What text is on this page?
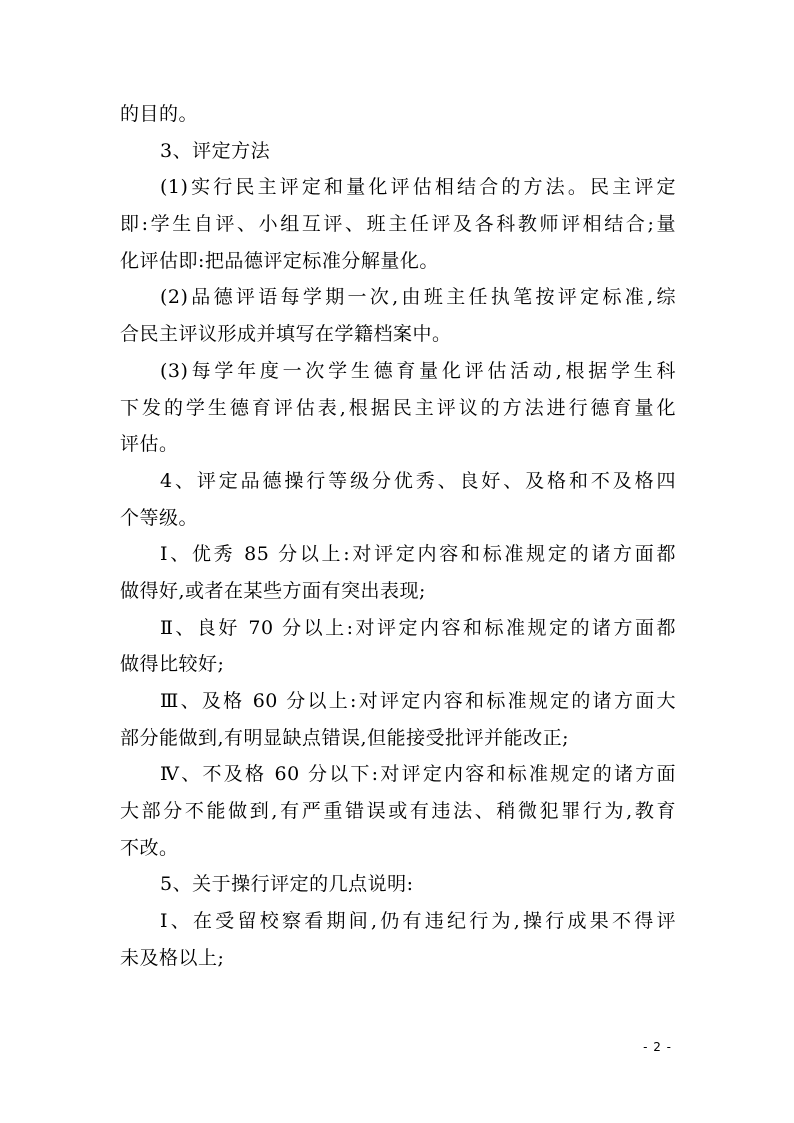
的目的。
3、评定方法
(1)实行民主评定和量化评估相结合的方法。民主评定
即:学生自评、小组互评、班主任评及各科教师评相结合;量
化评估即:把品德评定标准分解量化。
(2)品德评语每学期一次,由班主任执笔按评定标准,综
合民主评议形成并填写在学籍档案中。
(3)每学年度一次学生德育量化评估活动,根据学生科
下发的学生德育评估表,根据民主评议的方法进行德育量化
评估。
4、评定品德操行等级分优秀、良好、及格和不及格四
个等级。
Ⅰ、优秀 85 分以上:对评定内容和标准规定的诸方面都
做得好,或者在某些方面有突出表现;
Ⅱ、良好 70 分以上:对评定内容和标准规定的诸方面都
做得比较好;
Ⅲ、及格 60 分以上:对评定内容和标准规定的诸方面大
部分能做到,有明显缺点错误,但能接受批评并能改正;
Ⅳ、不及格 60 分以下:对评定内容和标准规定的诸方面
大部分不能做到,有严重错误或有违法、稍微犯罪行为,教育
不改。
5、关于操行评定的几点说明:
Ⅰ、在受留校察看期间,仍有违纪行为,操行成果不得评
未及格以上;
- 2 -
